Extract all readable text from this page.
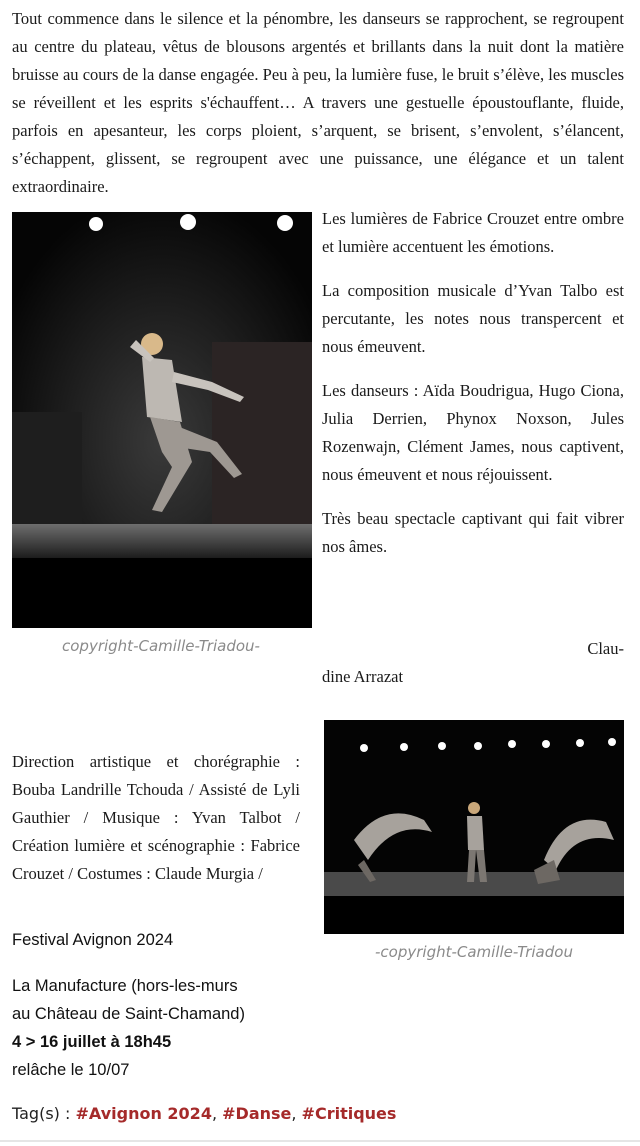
Tout commence dans le silence et la pénombre, les danseurs se rapprochent, se regroupent au centre du plateau, vêtus de blousons argentés et brillants dans la nuit dont la matière bruisse au cours de la danse engagée. Peu à peu, la lumière fuse, le bruit s’élève, les muscles se réveillent et les esprits s'échauffent… A travers une gestuelle époustouflante, fluide, parfois en apesanteur, les corps ploient, s’arquent, se brisent, s’envolent, s’élancent, s’échappent, glissent, se regroupent avec une puissance, une élégance et un talent extraordinaire.

copyright-Camille-Triadou-

Les lumières de Fabrice Crouzet entre ombre et lumière accentuent les émotions.

La composition musicale d’Yvan Talbo est percutante, les notes nous transpercent et nous émeuvent.

Les danseurs : Aïda Boudrigua, Hugo Ciona, Julia Derrien, Phynox Noxson, Jules Rozenwajn, Clément James, nous captivent, nous émeuvent et nous réjouissent.

Très beau spectacle captivant qui fait vibrer nos âmes.

Clau-
dine Arrazat

Direction artistique et chorégraphie : Bouba Landrille Tchouda / Assisté de Lyli Gauthier / Musique : Yvan Talbot / Création lumière et scénographie : Fabrice Crouzet / Costumes : Claude Murgia /

-copyright-Camille-Triadou
Festival Avignon 2024
La Manufacture (hors-les-murs
au Château de Saint-Chamand)
4 > 16 juillet à 18h45
relâche le 10/07
Tag(s) : #Avignon 2024, #Danse, #Critiques
